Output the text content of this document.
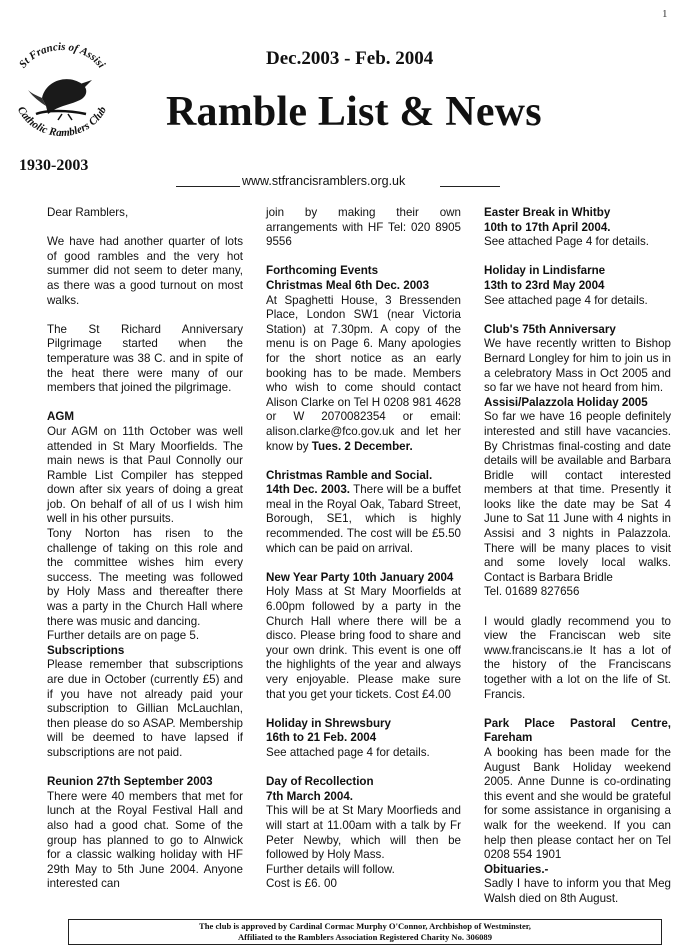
1
St Francis of Assisi
Catholic Ramblers Club
Dec.2003 - Feb. 2004
Ramble List & News
1930-2003
www.stfrancisramblers.org.uk

Dear Ramblers,

We have had another quarter of lots of good rambles and the very hot summer did not seem to deter many, as there was a good turnout on most walks.

The St Richard Anniversary Pilgrimage started when the temperature was 38 C. and in spite of the heat there were many of our members that joined the pilgrimage.

AGM
Our AGM on 11th October was well attended in St Mary Moorfields. The main news is that Paul Connolly our Ramble List Compiler has stepped down after six years of doing a great job. On behalf of all of us I wish him well in his other pursuits.

Tony Norton has risen to the challenge of taking on this role and the committee wishes him every success. The meeting was followed by Holy Mass and thereafter there was a party in the Church Hall where there was music and dancing.

Further details are on page 5.

Subscriptions
Please remember that subscriptions are due in October (currently £5) and if you have not already paid your subscription to Gillian McLauchlan, then please do so ASAP. Membership will be deemed to have lapsed if subscriptions are not paid.

Reunion 27th September 2003
There were 40 members that met for lunch at the Royal Festival Hall and also had a good chat. Some of the group has planned to go to Alnwick for a classic walking holiday with HF 29th May to 5th June 2004. Anyone interested can

join by making their own arrangements with HF Tel: 020 8905 9556

Forthcoming Events
Christmas Meal 6th Dec. 2003
At Spaghetti House, 3 Bressenden Place, London SW1 (near Victoria Station) at 7.30pm. A copy of the menu is on Page 6. Many apologies for the short notice as an early booking has to be made. Members who wish to come should contact Alison Clarke on Tel H 0208 981 4628 or W 2070082354 or email: alison.clarke@fco.gov.uk and let her know by Tues. 2 December.

Christmas Ramble and Social.
14th Dec. 2003. There will be a buffet meal in the Royal Oak, Tabard Street, Borough, SE1, which is highly recommended. The cost will be £5.50 which can be paid on arrival.

New Year Party 10th January 2004
Holy Mass at St Mary Moorfields at 6.00pm followed by a party in the Church Hall where there will be a disco. Please bring food to share and your own drink. This event is one off the highlights of the year and always very enjoyable. Please make sure that you get your tickets. Cost £4.00

Holiday in Shrewsbury
16th to 21 Feb. 2004
See attached page 4 for details.

Day of Recollection
7th March 2004.
This will be at St Mary Moorfieds and will start at 11.00am with a talk by Fr Peter Newby, which will then be followed by Holy Mass.

Further details will follow.

Cost is £6. 00

Easter Break in Whitby
10th to 17th April 2004.
See attached Page 4 for details.

Holiday in Lindisfarne
13th to 23rd May 2004
See attached page 4 for details.

Club's 75th Anniversary
We have recently written to Bishop Bernard Longley for him to join us in a celebratory Mass in Oct 2005 and so far we have not heard from him.

Assisi/Palazzola Holiday 2005
So far we have 16 people definitely interested and still have vacancies. By Christmas final-costing and date details will be available and Barbara Bridle will contact interested members at that time. Presently it looks like the date may be Sat 4 June to Sat 11 June with 4 nights in Assisi and 3 nights in Palazzola. There will be many places to visit and some lovely local walks. Contact is Barbara Bridle
Tel. 01689 827656

I would gladly recommend you to view the Franciscan web site www.franciscans.ie It has a lot of the history of the Franciscans together with a lot on the life of St. Francis.

Park Place Pastoral Centre, Fareham
A booking has been made for the August Bank Holiday weekend 2005. Anne Dunne is co-ordinating this event and she would be grateful for some assistance in organising a walk for the weekend. If you can help then please contact her on Tel 0208 554 1901

Obituaries.-
Sadly I have to inform you that Meg Walsh died on 8th August.

The club is approved by Cardinal Cormac Murphy O'Connor, Archbishop of Westminster,
Affiliated to the Ramblers Association Registered Charity No. 306089
